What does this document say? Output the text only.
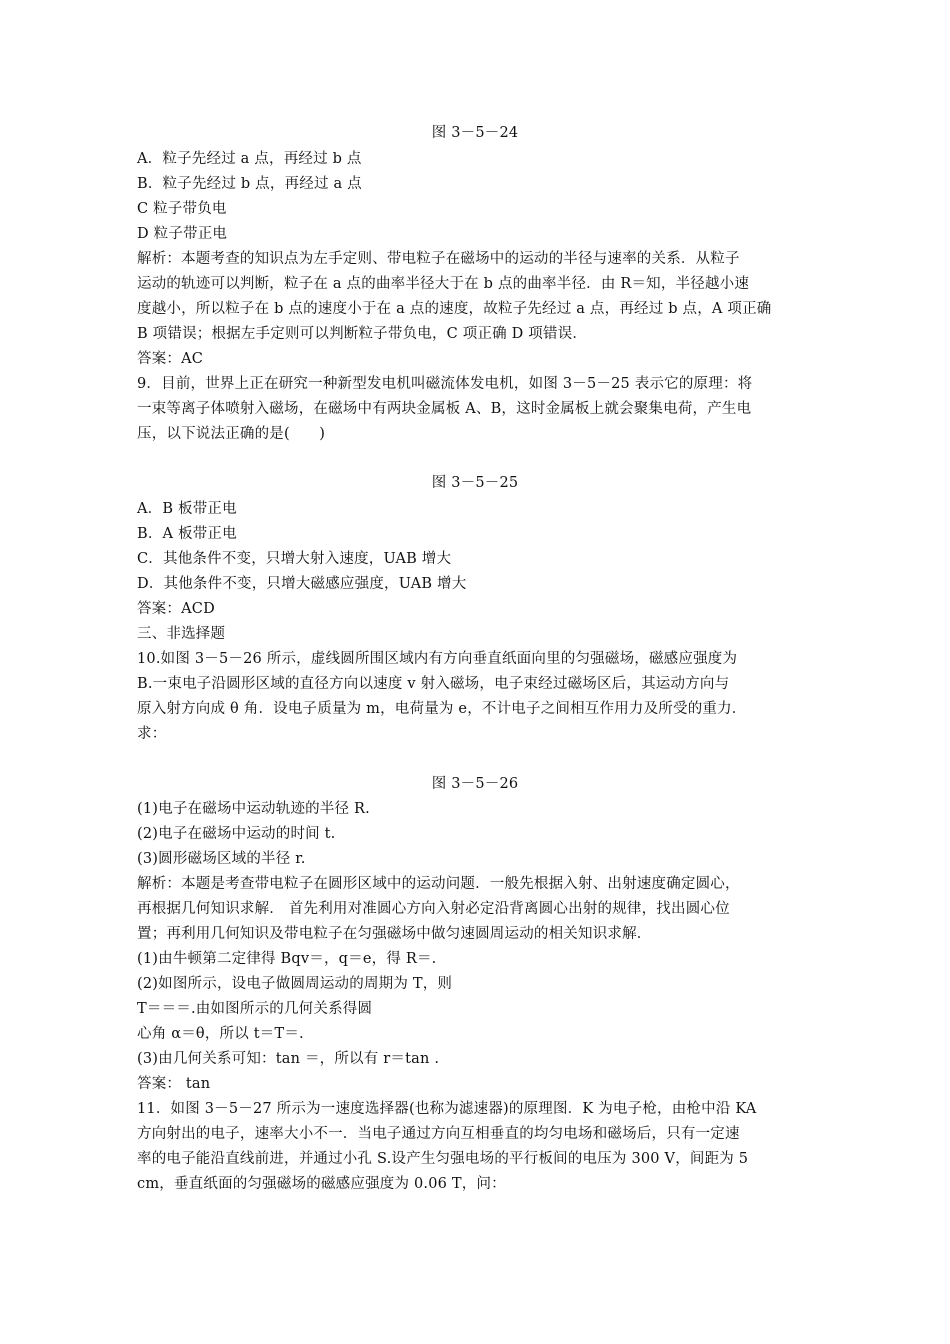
图 3－5－24
A．粒子先经过 a 点，再经过 b 点
B．粒子先经过 b 点，再经过 a 点
C 粒子带负电
D 粒子带正电
解析：本题考查的知识点为左手定则、带电粒子在磁场中的运动的半径与速率的关系．从粒子
运动的轨迹可以判断，粒子在 a 点的曲率半径大于在 b 点的曲率半径．由 R＝知，半径越小速
度越小，所以粒子在 b 点的速度小于在 a 点的速度，故粒子先经过 a 点，再经过 b 点，A 项正确
B 项错误；根据左手定则可以判断粒子带负电，C 项正确 D 项错误．
答案：AC
9．目前，世界上正在研究一种新型发电机叫磁流体发电机，如图 3－5－25 表示它的原理：将
一束等离子体喷射入磁场，在磁场中有两块金属板 A、B，这时金属板上就会聚集电荷，产生电
压，以下说法正确的是(　　)
图 3－5－25
A．B 板带正电
B．A 板带正电
C．其他条件不变，只增大射入速度，UAB 增大
D．其他条件不变，只增大磁感应强度，UAB 增大
答案：ACD
三、非选择题
10.如图 3－5－26 所示，虚线圆所围区域内有方向垂直纸面向里的匀强磁场，磁感应强度为
B.一束电子沿圆形区域的直径方向以速度 v 射入磁场，电子束经过磁场区后，其运动方向与
原入射方向成 θ 角．设电子质量为 m，电荷量为 e，不计电子之间相互作用力及所受的重力．
求：
图 3－5－26
(1)电子在磁场中运动轨迹的半径 R.
(2)电子在磁场中运动的时间 t.
(3)圆形磁场区域的半径 r.
解析：本题是考查带电粒子在圆形区域中的运动问题．一般先根据入射、出射速度确定圆心，
再根据几何知识求解． 首先利用对准圆心方向入射必定沿背离圆心出射的规律，找出圆心位
置；再利用几何知识及带电粒子在匀强磁场中做匀速圆周运动的相关知识求解．
(1)由牛顿第二定律得 Bqv＝，q＝e，得 R＝.
(2)如图所示，设电子做圆周运动的周期为 T，则
T＝＝＝.由如图所示的几何关系得圆
心角 α＝θ，所以 t＝T＝.
(3)由几何关系可知：tan ＝，所以有 r＝tan .
答案： tan
11．如图 3－5－27 所示为一速度选择器(也称为滤速器)的原理图．K 为电子枪，由枪中沿 KA
方向射出的电子，速率大小不一．当电子通过方向互相垂直的均匀电场和磁场后，只有一定速
率的电子能沿直线前进，并通过小孔 S.设产生匀强电场的平行板间的电压为 300 V，间距为 5
cm，垂直纸面的匀强磁场的磁感应强度为 0.06 T，问：
